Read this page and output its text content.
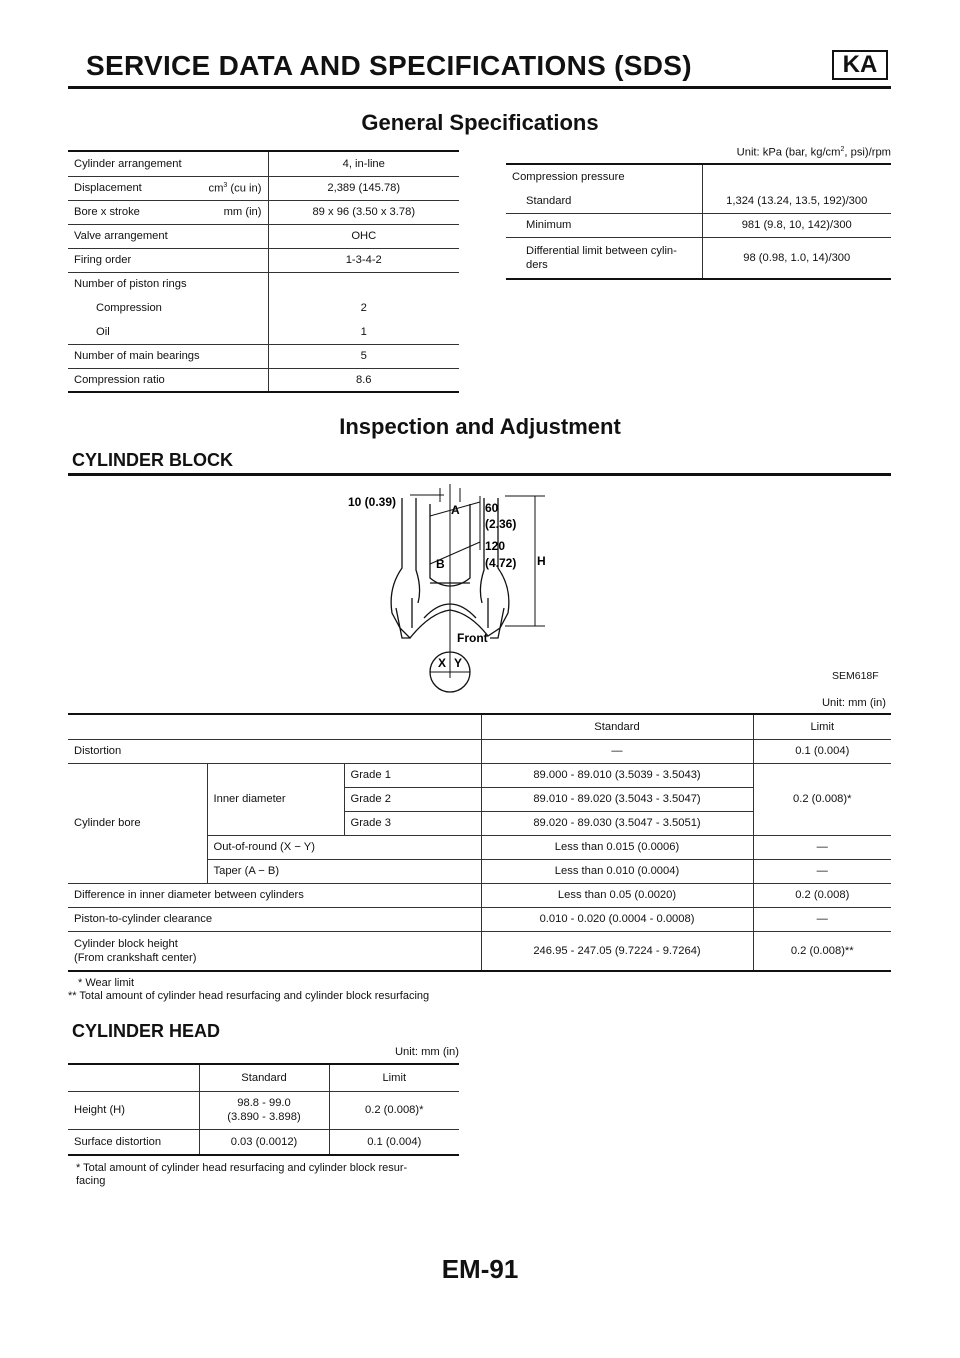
SERVICE DATA AND SPECIFICATIONS (SDS)	KA
General Specifications
Cylinder arrangement	4, in-line

Displacement $cm^3$ (cu in)	2,389 (145.78)

Bore x stroke mm (in)	89 x 96 (3.50 x 3.78)
Valve arrangement	OHC
Firing order	1-3-4-2
Number of piston rings	
Compression	2
Oil	1
Number of main bearings	5
Compression ratio	8.6
Unit: kPa (bar, $kg/cm^2$, psi)/rpm
Compression pressure	
Standard	1,324 (13.24, 13.5, 192)/300
Minimum	981 (9.8, 10, 142)/300
Differential limit between cylin-
ders	98 (0.98, 1.0, 14)/300
Inspection and Adjustment
CYLINDER BLOCK
10 (0.39)
A
B
60
(2.36)
120
(4.72) H
Front
X Y
SEM618F
Unit: mm (in)
			Standard	Limit
Distortion			—	0.1 (0.004)
Cylinder bore	Inner diameter	Grade 1	89.000 - 89.010 (3.5039 - 3.5043)	0.2 (0.008)*
		Grade 2	89.010 - 89.020 (3.5043 - 3.5047)	
		Grade 3	89.020 - 89.030 (3.5047 - 3.5051)	
	Out-of-round (X − Y)		Less than 0.015 (0.0006)	—
	Taper (A − B)		Less than 0.010 (0.0004)	—
Difference in inner diameter between cylinders			Less than 0.05 (0.0020)	0.2 (0.008)
Piston-to-cylinder clearance			0.010 - 0.020 (0.0004 - 0.0008)	—
Cylinder block height
(From crankshaft center)			246.95 - 247.05 (9.7224 - 9.7264)	0.2 (0.008)**
* Wear limit
** Total amount of cylinder head resurfacing and cylinder block resurfacing
CYLINDER HEAD
Unit: mm (in)
	Standard	Limit
Height (H)	98.8 - 99.0
(3.890 - 3.898)	0.2 (0.008)*
Surface distortion	0.03 (0.0012)	0.1 (0.004)
* Total amount of cylinder head resurfacing and cylinder block resur-
facing
EM-91
